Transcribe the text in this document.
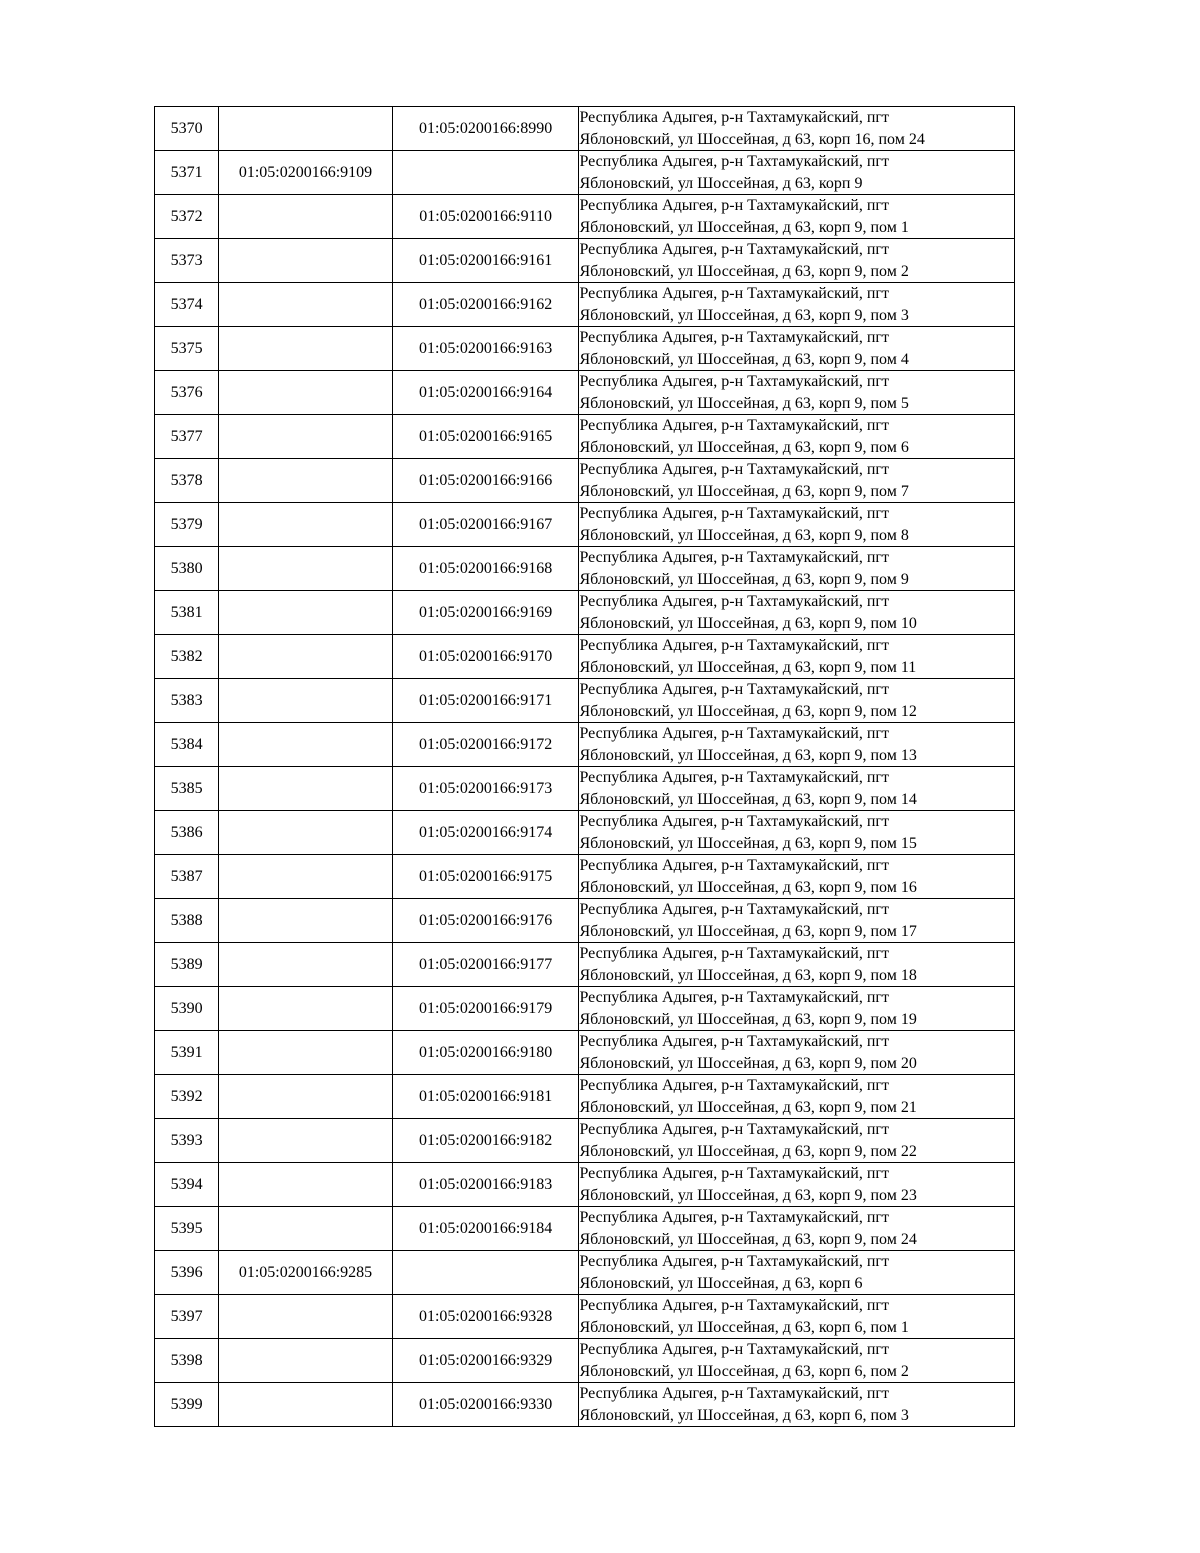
5370		01:05:0200166:8990	Республика Адыгея, р-н Тахтамукайский, пгт
Яблоновский, ул Шоссейная, д 63, корп 16, пом 24

5371	01:05:0200166:9109		Республика Адыгея, р-н Тахтамукайский, пгт
Яблоновский, ул Шоссейная, д 63, корп 9

5372		01:05:0200166:9110	Республика Адыгея, р-н Тахтамукайский, пгт
Яблоновский, ул Шоссейная, д 63, корп 9, пом 1

5373		01:05:0200166:9161	Республика Адыгея, р-н Тахтамукайский, пгт
Яблоновский, ул Шоссейная, д 63, корп 9, пом 2

5374		01:05:0200166:9162	Республика Адыгея, р-н Тахтамукайский, пгт
Яблоновский, ул Шоссейная, д 63, корп 9, пом 3

5375		01:05:0200166:9163	Республика Адыгея, р-н Тахтамукайский, пгт
Яблоновский, ул Шоссейная, д 63, корп 9, пом 4

5376		01:05:0200166:9164	Республика Адыгея, р-н Тахтамукайский, пгт
Яблоновский, ул Шоссейная, д 63, корп 9, пом 5

5377		01:05:0200166:9165	Республика Адыгея, р-н Тахтамукайский, пгт
Яблоновский, ул Шоссейная, д 63, корп 9, пом 6

5378		01:05:0200166:9166	Республика Адыгея, р-н Тахтамукайский, пгт
Яблоновский, ул Шоссейная, д 63, корп 9, пом 7

5379		01:05:0200166:9167	Республика Адыгея, р-н Тахтамукайский, пгт
Яблоновский, ул Шоссейная, д 63, корп 9, пом 8

5380		01:05:0200166:9168	Республика Адыгея, р-н Тахтамукайский, пгт
Яблоновский, ул Шоссейная, д 63, корп 9, пом 9

5381		01:05:0200166:9169	Республика Адыгея, р-н Тахтамукайский, пгт
Яблоновский, ул Шоссейная, д 63, корп 9, пом 10

5382		01:05:0200166:9170	Республика Адыгея, р-н Тахтамукайский, пгт
Яблоновский, ул Шоссейная, д 63, корп 9, пом 11

5383		01:05:0200166:9171	Республика Адыгея, р-н Тахтамукайский, пгт
Яблоновский, ул Шоссейная, д 63, корп 9, пом 12

5384		01:05:0200166:9172	Республика Адыгея, р-н Тахтамукайский, пгт
Яблоновский, ул Шоссейная, д 63, корп 9, пом 13

5385		01:05:0200166:9173	Республика Адыгея, р-н Тахтамукайский, пгт
Яблоновский, ул Шоссейная, д 63, корп 9, пом 14

5386		01:05:0200166:9174	Республика Адыгея, р-н Тахтамукайский, пгт
Яблоновский, ул Шоссейная, д 63, корп 9, пом 15

5387		01:05:0200166:9175	Республика Адыгея, р-н Тахтамукайский, пгт
Яблоновский, ул Шоссейная, д 63, корп 9, пом 16

5388		01:05:0200166:9176	Республика Адыгея, р-н Тахтамукайский, пгт
Яблоновский, ул Шоссейная, д 63, корп 9, пом 17

5389		01:05:0200166:9177	Республика Адыгея, р-н Тахтамукайский, пгт
Яблоновский, ул Шоссейная, д 63, корп 9, пом 18

5390		01:05:0200166:9179	Республика Адыгея, р-н Тахтамукайский, пгт
Яблоновский, ул Шоссейная, д 63, корп 9, пом 19

5391		01:05:0200166:9180	Республика Адыгея, р-н Тахтамукайский, пгт
Яблоновский, ул Шоссейная, д 63, корп 9, пом 20

5392		01:05:0200166:9181	Республика Адыгея, р-н Тахтамукайский, пгт
Яблоновский, ул Шоссейная, д 63, корп 9, пом 21

5393		01:05:0200166:9182	Республика Адыгея, р-н Тахтамукайский, пгт
Яблоновский, ул Шоссейная, д 63, корп 9, пом 22

5394		01:05:0200166:9183	Республика Адыгея, р-н Тахтамукайский, пгт
Яблоновский, ул Шоссейная, д 63, корп 9, пом 23

5395		01:05:0200166:9184	Республика Адыгея, р-н Тахтамукайский, пгт
Яблоновский, ул Шоссейная, д 63, корп 9, пом 24

5396	01:05:0200166:9285		Республика Адыгея, р-н Тахтамукайский, пгт
Яблоновский, ул Шоссейная, д 63, корп 6

5397		01:05:0200166:9328	Республика Адыгея, р-н Тахтамукайский, пгт
Яблоновский, ул Шоссейная, д 63, корп 6, пом 1

5398		01:05:0200166:9329	Республика Адыгея, р-н Тахтамукайский, пгт
Яблоновский, ул Шоссейная, д 63, корп 6, пом 2

5399		01:05:0200166:9330	Республика Адыгея, р-н Тахтамукайский, пгт
Яблоновский, ул Шоссейная, д 63, корп 6, пом 3
